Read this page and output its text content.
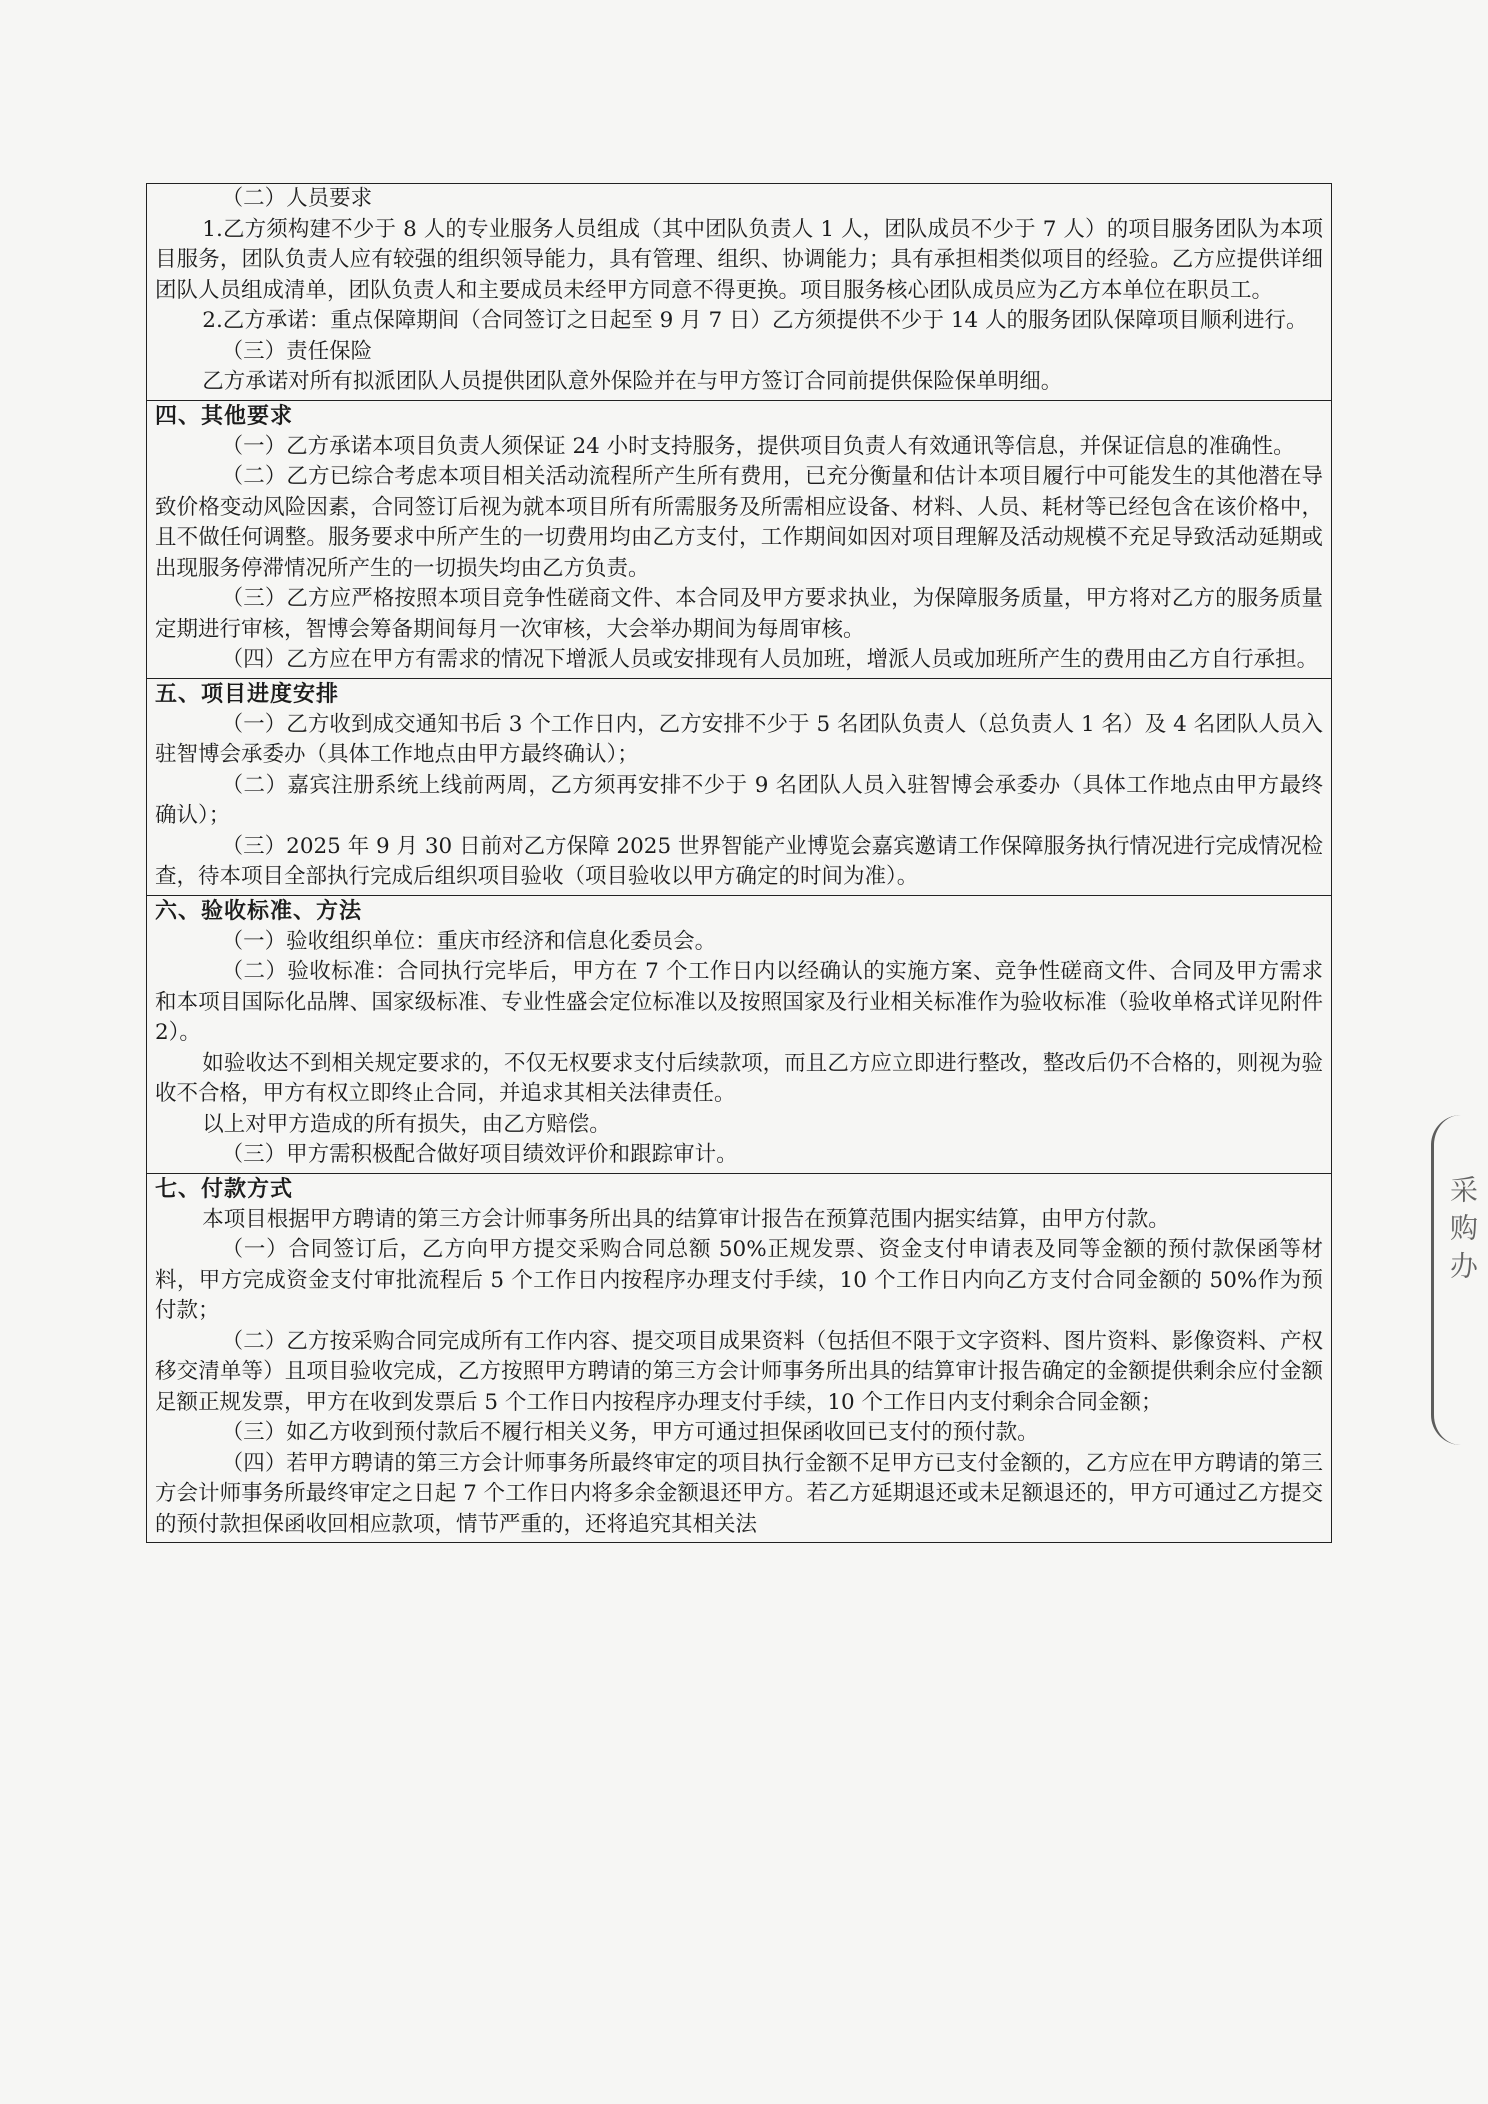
（二）人员要求

1.乙方须构建不少于 8 人的专业服务人员组成（其中团队负责人 1 人，团队成员不少于 7 人）的项目服务团队为本项目服务，团队负责人应有较强的组织领导能力，具有管理、组织、协调能力；具有承担相类似项目的经验。乙方应提供详细团队人员组成清单，团队负责人和主要成员未经甲方同意不得更换。项目服务核心团队成员应为乙方本单位在职员工。

2.乙方承诺：重点保障期间（合同签订之日起至 9 月 7 日）乙方须提供不少于 14 人的服务团队保障项目顺利进行。

（三）责任保险

乙方承诺对所有拟派团队人员提供团队意外保险并在与甲方签订合同前提供保险保单明细。

四、其他要求

（一）乙方承诺本项目负责人须保证 24 小时支持服务，提供项目负责人有效通讯等信息，并保证信息的准确性。

（二）乙方已综合考虑本项目相关活动流程所产生所有费用，已充分衡量和估计本项目履行中可能发生的其他潜在导致价格变动风险因素，合同签订后视为就本项目所有所需服务及所需相应设备、材料、人员、耗材等已经包含在该价格中，且不做任何调整。服务要求中所产生的一切费用均由乙方支付，工作期间如因对项目理解及活动规模不充足导致活动延期或出现服务停滞情况所产生的一切损失均由乙方负责。

（三）乙方应严格按照本项目竞争性磋商文件、本合同及甲方要求执业，为保障服务质量，甲方将对乙方的服务质量定期进行审核，智博会筹备期间每月一次审核，大会举办期间为每周审核。

（四）乙方应在甲方有需求的情况下增派人员或安排现有人员加班，增派人员或加班所产生的费用由乙方自行承担。

五、项目进度安排

（一）乙方收到成交通知书后 3 个工作日内，乙方安排不少于 5 名团队负责人（总负责人 1 名）及 4 名团队人员入驻智博会承委办（具体工作地点由甲方最终确认）；

（二）嘉宾注册系统上线前两周，乙方须再安排不少于 9 名团队人员入驻智博会承委办（具体工作地点由甲方最终确认）；

（三）2025 年 9 月 30 日前对乙方保障 2025 世界智能产业博览会嘉宾邀请工作保障服务执行情况进行完成情况检查，待本项目全部执行完成后组织项目验收（项目验收以甲方确定的时间为准）。

六、验收标准、方法

（一）验收组织单位：重庆市经济和信息化委员会。

（二）验收标准：合同执行完毕后，甲方在 7 个工作日内以经确认的实施方案、竞争性磋商文件、合同及甲方需求和本项目国际化品牌、国家级标准、专业性盛会定位标准以及按照国家及行业相关标准作为验收标准（验收单格式详见附件 2）。

如验收达不到相关规定要求的，不仅无权要求支付后续款项，而且乙方应立即进行整改，整改后仍不合格的，则视为验收不合格，甲方有权立即终止合同，并追求其相关法律责任。

以上对甲方造成的所有损失，由乙方赔偿。

（三）甲方需积极配合做好项目绩效评价和跟踪审计。

七、付款方式

本项目根据甲方聘请的第三方会计师事务所出具的结算审计报告在预算范围内据实结算，由甲方付款。

（一）合同签订后，乙方向甲方提交采购合同总额 50%正规发票、资金支付申请表及同等金额的预付款保函等材料，甲方完成资金支付审批流程后 5 个工作日内按程序办理支付手续，10 个工作日内向乙方支付合同金额的 50%作为预付款；

（二）乙方按采购合同完成所有工作内容、提交项目成果资料（包括但不限于文字资料、图片资料、影像资料、产权移交清单等）且项目验收完成，乙方按照甲方聘请的第三方会计师事务所出具的结算审计报告确定的金额提供剩余应付金额足额正规发票，甲方在收到发票后 5 个工作日内按程序办理支付手续，10 个工作日内支付剩余合同金额；

（三）如乙方收到预付款后不履行相关义务，甲方可通过担保函收回已支付的预付款。

（四）若甲方聘请的第三方会计师事务所最终审定的项目执行金额不足甲方已支付金额的，乙方应在甲方聘请的第三方会计师事务所最终审定之日起 7 个工作日内将多余金额退还甲方。若乙方延期退还或未足额退还的，甲方可通过乙方提交的预付款担保函收回相应款项，情节严重的，还将追究其相关法

采购办
